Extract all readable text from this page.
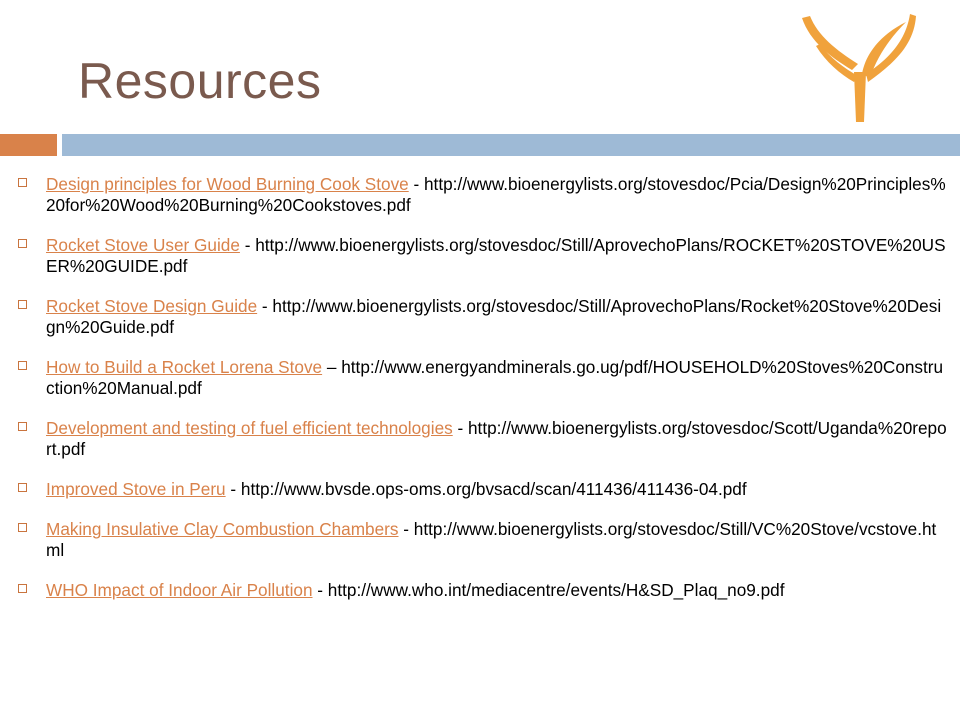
Resources
Design principles for Wood Burning Cook Stove - http://www.bioenergylists.org/stovesdoc/Pcia/Design%20Principles%20for%20Wood%20Burning%20Cookstoves.pdf
Rocket Stove User Guide - http://www.bioenergylists.org/stovesdoc/Still/AprovechoPlans/ROCKET%20STOVE%20USER%20GUIDE.pdf
Rocket Stove Design Guide - http://www.bioenergylists.org/stovesdoc/Still/AprovechoPlans/Rocket%20Stove%20Design%20Guide.pdf
How to Build a Rocket Lorena Stove – http://www.energyandminerals.go.ug/pdf/HOUSEHOLD%20Stoves%20Construction%20Manual.pdf
Development and testing of fuel efficient technologies - http://www.bioenergylists.org/stovesdoc/Scott/Uganda%20report.pdf
Improved Stove in Peru - http://www.bvsde.ops-oms.org/bvsacd/scan/411436/411436-04.pdf
Making Insulative Clay Combustion Chambers - http://www.bioenergylists.org/stovesdoc/Still/VC%20Stove/vcstove.html
WHO Impact of Indoor Air Pollution - http://www.who.int/mediacentre/events/H&SD_Plaq_no9.pdf
